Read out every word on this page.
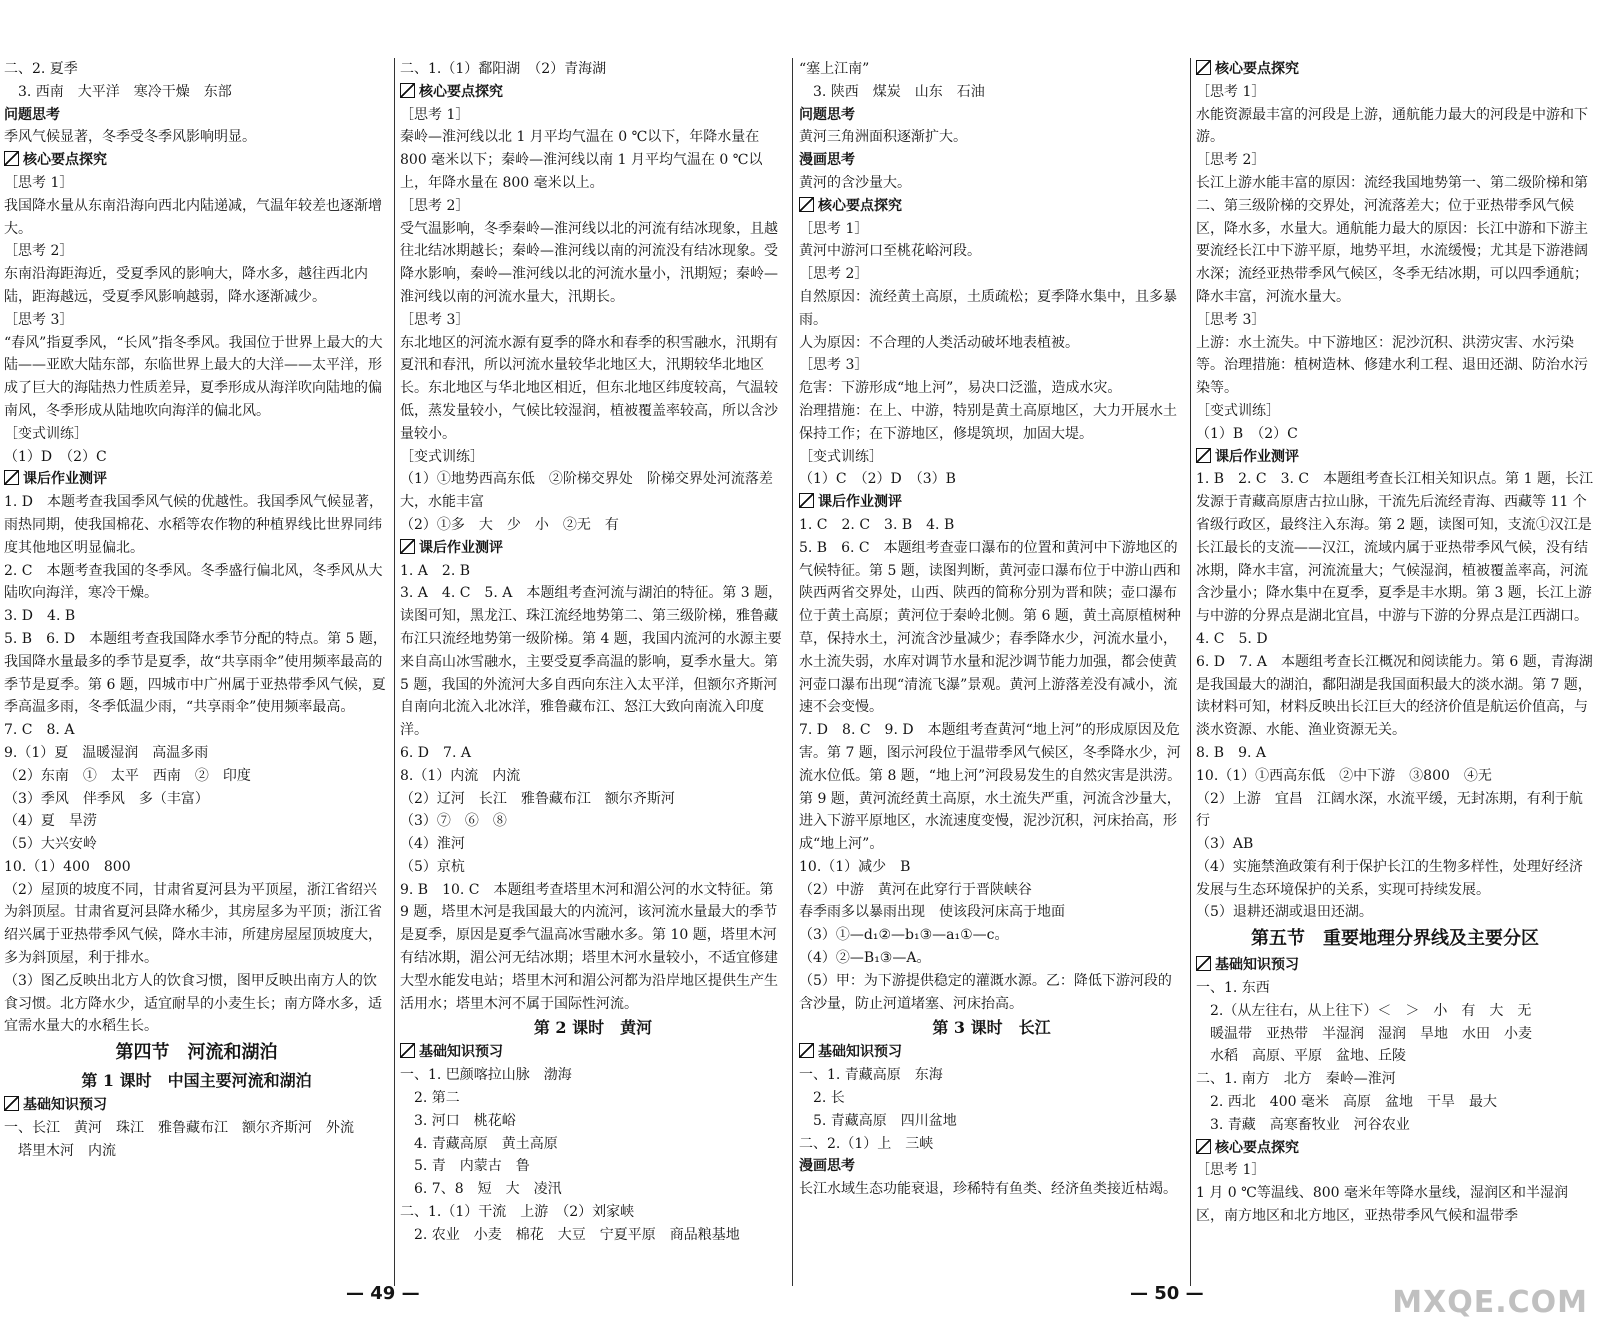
二、2. 夏季

　3. 西南　大平洋　寒冷干燥　东部

问题思考

季风气候显著，冬季受冬季风影响明显。

核心要点探究

［思考 1］

我国降水量从东南沿海向西北内陆递减，气温年较差也逐渐增大。

［思考 2］

东南沿海距海近，受夏季风的影响大，降水多，越往西北内陆，距海越远，受夏季风影响越弱，降水逐渐减少。

［思考 3］

“春风”指夏季风，“长风”指冬季风。我国位于世界上最大的大陆——亚欧大陆东部，东临世界上最大的大洋——太平洋，形成了巨大的海陆热力性质差异，夏季形成从海洋吹向陆地的偏南风，冬季形成从陆地吹向海洋的偏北风。

［变式训练］

（1）D　（2）C

课后作业测评

1. D　本题考查我国季风气候的优越性。我国季风气候显著，雨热同期，使我国棉花、水稻等农作物的种植界线比世界同纬度其他地区明显偏北。

2. C　本题考查我国的冬季风。冬季盛行偏北风，冬季风从大陆吹向海洋，寒冷干燥。

3. D　4. B

5. B　6. D　本题组考查我国降水季节分配的特点。第 5 题，我国降水量最多的季节是夏季，故“共享雨伞”使用频率最高的季节是夏季。第 6 题，四城市中广州属于亚热带季风气候，夏季高温多雨，冬季低温少雨，“共享雨伞”使用频率最高。

7. C　8. A

9.（1）夏　温暖湿润　高温多雨

（2）东南　①　太平　西南　②　印度

（3）季风　伴季风　多（丰富）

（4）夏　旱涝

（5）大兴安岭

10.（1）400　800

（2）屋顶的坡度不同，甘肃省夏河县为平顶屋，浙江省绍兴为斜顶屋。甘肃省夏河县降水稀少，其房屋多为平顶；浙江省绍兴属于亚热带季风气候，降水丰沛，所建房屋屋顶坡度大，多为斜顶屋，利于排水。

（3）图乙反映出北方人的饮食习惯，图甲反映出南方人的饮食习惯。北方降水少，适宜耐旱的小麦生长；南方降水多，适宜需水量大的水稻生长。

第四节　河流和湖泊
第 1 课时　中国主要河流和湖泊

基础知识预习

一、长江　黄河　珠江　雅鲁藏布江　额尔齐斯河　外流

　塔里木河　内流

二、1.（1）鄱阳湖　（2）青海湖

核心要点探究

［思考 1］

秦岭—淮河线以北 1 月平均气温在 0 ℃以下，年降水量在 800 毫米以下；秦岭—淮河线以南 1 月平均气温在 0 ℃以上，年降水量在 800 毫米以上。

［思考 2］

受气温影响，冬季秦岭—淮河线以北的河流有结冰现象，且越往北结冰期越长；秦岭—淮河线以南的河流没有结冰现象。受降水影响，秦岭—淮河线以北的河流水量小，汛期短；秦岭—淮河线以南的河流水量大，汛期长。

［思考 3］

东北地区的河流水源有夏季的降水和春季的积雪融水，汛期有夏汛和春汛，所以河流水量较华北地区大，汛期较华北地区长。东北地区与华北地区相近，但东北地区纬度较高，气温较低，蒸发量较小，气候比较湿润，植被覆盖率较高，所以含沙量较小。

［变式训练］

（1）①地势西高东低　②阶梯交界处　阶梯交界处河流落差大，水能丰富

（2）①多　大　少　小　②无　有

课后作业测评

1. A　2. B

3. A　4. C　5. A　本题组考查河流与湖泊的特征。第 3 题，读图可知，黑龙江、珠江流经地势第二、第三级阶梯，雅鲁藏布江只流经地势第一级阶梯。第 4 题，我国内流河的水源主要来自高山冰雪融水，主要受夏季高温的影响，夏季水量大。第 5 题，我国的外流河大多自西向东注入太平洋，但额尔齐斯河自南向北流入北冰洋，雅鲁藏布江、怒江大致向南流入印度洋。

6. D　7. A

8.（1）内流　内流

（2）辽河　长江　雅鲁藏布江　额尔齐斯河

（3）⑦　⑥　⑧

（4）淮河

（5）京杭

9. B　10. C　本题组考查塔里木河和湄公河的水文特征。第 9 题，塔里木河是我国最大的内流河，该河流水量最大的季节是夏季，原因是夏季气温高冰雪融水多。第 10 题，塔里木河有结冰期，湄公河无结冰期；塔里木河水量较小，不适宜修建大型水能发电站；塔里木河和湄公河都为沿岸地区提供生产生活用水；塔里木河不属于国际性河流。

第 2 课时　黄河

基础知识预习

一、1. 巴颜喀拉山脉　渤海

　2. 第二

　3. 河口　桃花峪

　4. 青藏高原　黄土高原

　5. 青　内蒙古　鲁

　6. 7、8　短　大　凌汛

二、1.（1）干流　上游　（2）刘家峡

　2. 农业　小麦　棉花　大豆　宁夏平原　商品粮基地

“塞上江南”

　3. 陕西　煤炭　山东　石油

问题思考

黄河三角洲面积逐渐扩大。

漫画思考

黄河的含沙量大。

核心要点探究

［思考 1］

黄河中游河口至桃花峪河段。

［思考 2］

自然原因：流经黄土高原，土质疏松；夏季降水集中，且多暴雨。

人为原因：不合理的人类活动破坏地表植被。

［思考 3］

危害：下游形成“地上河”，易决口泛滥，造成水灾。

治理措施：在上、中游，特别是黄土高原地区，大力开展水土保持工作；在下游地区，修堤筑坝，加固大堤。

［变式训练］

（1）C　（2）D　（3）B

课后作业测评

1. C　2. C　3. B　4. B

5. B　6. C　本题组考查壶口瀑布的位置和黄河中下游地区的气候特征。第 5 题，读图判断，黄河壶口瀑布位于中游山西和陕西两省交界处，山西、陕西的简称分别为晋和陕；壶口瀑布位于黄土高原；黄河位于秦岭北侧。第 6 题，黄土高原植树种草，保持水土，河流含沙量减少；春季降水少，河流水量小，水土流失弱，水库对调节水量和泥沙调节能力加强，都会使黄河壶口瀑布出现“清流飞瀑”景观。黄河上游落差没有减小，流速不会变慢。

7. D　8. C　9. D　本题组考查黄河“地上河”的形成原因及危害。第 7 题，图示河段位于温带季风气候区，冬季降水少，河流水位低。第 8 题，“地上河”河段易发生的自然灾害是洪涝。第 9 题，黄河流经黄土高原，水土流失严重，河流含沙量大，进入下游平原地区，水流速度变慢，泥沙沉积，河床抬高，形成“地上河”。

10.（1）减少　B

（2）中游　黄河在此穿行于晋陕峡谷

春季雨多以暴雨出现　使该段河床高于地面

（3）①—d₁②—b₁③—a₁①—c。

（4）②—B₁③—A。

（5）甲：为下游提供稳定的灌溉水源。乙：降低下游河段的含沙量，防止河道堵塞、河床抬高。

第 3 课时　长江

基础知识预习

一、1. 青藏高原　东海

　2. 长

　5. 青藏高原　四川盆地

二、2.（1）上　三峡

漫画思考

长江水域生态功能衰退，珍稀特有鱼类、经济鱼类接近枯竭。

核心要点探究

［思考 1］

水能资源最丰富的河段是上游，通航能力最大的河段是中游和下游。

［思考 2］

长江上游水能丰富的原因：流经我国地势第一、第二级阶梯和第二、第三级阶梯的交界处，河流落差大；位于亚热带季风气候区，降水多，水量大。通航能力最大的原因：长江中游和下游主要流经长江中下游平原，地势平坦，水流缓慢；尤其是下游港阔水深；流经亚热带季风气候区，冬季无结冰期，可以四季通航；降水丰富，河流水量大。

［思考 3］

上游：水土流失。中下游地区：泥沙沉积、洪涝灾害、水污染等。治理措施：植树造林、修建水利工程、退田还湖、防治水污染等。

［变式训练］

（1）B　（2）C

课后作业测评

1. B　2. C　3. C　本题组考查长江相关知识点。第 1 题，长江发源于青藏高原唐古拉山脉，干流先后流经青海、西藏等 11 个省级行政区，最终注入东海。第 2 题，读图可知，支流①汉江是长江最长的支流——汉江，流域内属于亚热带季风气候，没有结冰期，降水丰富，河流流量大；气候湿润，植被覆盖率高，河流含沙量小；降水集中在夏季，夏季是丰水期。第 3 题，长江上游与中游的分界点是湖北宜昌，中游与下游的分界点是江西湖口。

4. C　5. D

6. D　7. A　本题组考查长江概况和阅读能力。第 6 题，青海湖是我国最大的湖泊，鄱阳湖是我国面积最大的淡水湖。第 7 题，读材料可知，材料反映出长江巨大的经济价值是航运价值高，与淡水资源、水能、渔业资源无关。

8. B　9. A

10.（1）①西高东低　②中下游　③800　④无

（2）上游　宜昌　江阔水深，水流平缓，无封冻期，有利于航行

（3）AB

（4）实施禁渔政策有利于保护长江的生物多样性，处理好经济发展与生态环境保护的关系，实现可持续发展。

（5）退耕还湖或退田还湖。

第五节　重要地理分界线及主要分区

基础知识预习

一、1. 东西

　2.（从左往右，从上往下）＜　＞　小　有　大　无

　暖温带　亚热带　半湿润　湿润　旱地　水田　小麦

　水稻　高原、平原　盆地、丘陵

二、1. 南方　北方　秦岭—淮河

　2. 西北　400 毫米　高原　盆地　干旱　最大

　3. 青藏　高寒畜牧业　河谷农业

核心要点探究

［思考 1］

1 月 0 ℃等温线、800 毫米年等降水量线，湿润区和半湿润区，南方地区和北方地区，亚热带季风气候和温带季

— 49 —	— 50 —	MXQE.COM
